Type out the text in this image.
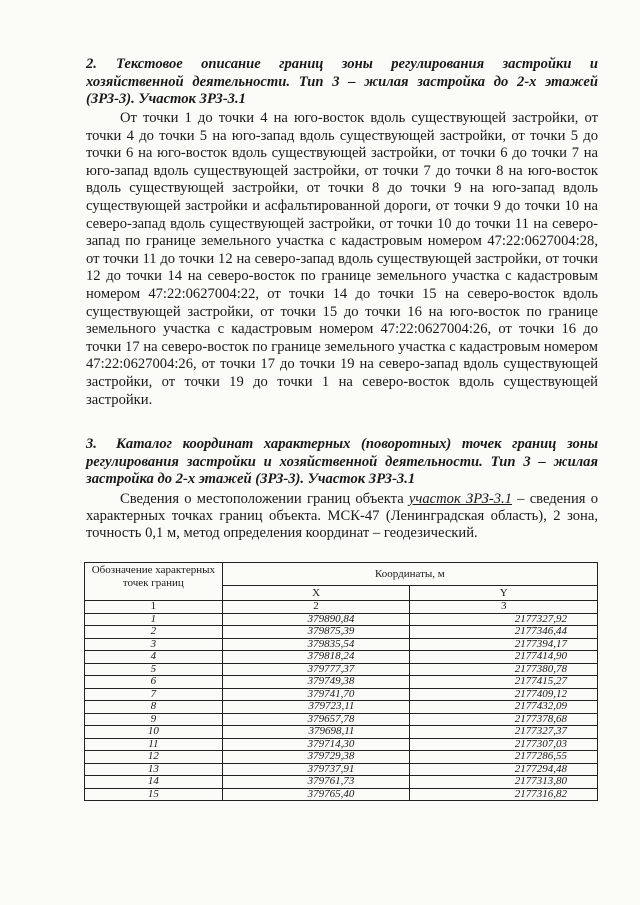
2. Текстовое описание границ зоны регулирования застройки и хозяйственной деятельности. Тип 3 – жилая застройка до 2-х этажей (ЗРЗ-3). Участок ЗРЗ-3.1

От точки 1 до точки 4 на юго-восток вдоль существующей застройки, от точки 4 до точки 5 на юго-запад вдоль существующей застройки, от точки 5 до точки 6 на юго-восток вдоль существующей застройки, от точки 6 до точки 7 на юго-запад вдоль существующей застройки, от точки 7 до точки 8 на юго-восток вдоль существующей застройки, от точки 8 до точки 9 на юго-запад вдоль существующей застройки и асфальтированной дороги, от точки 9 до точки 10 на северо-запад вдоль существующей застройки, от точки 10 до точки 11 на северо-запад по границе земельного участка с кадастровым номером 47:22:0627004:28, от точки 11 до точки 12 на северо-запад вдоль существующей застройки, от точки 12 до точки 14 на северо-восток по границе земельного участка с кадастровым номером 47:22:0627004:22, от точки 14 до точки 15 на северо-восток вдоль существующей застройки, от точки 15 до точки 16 на юго-восток по границе земельного участка с кадастровым номером 47:22:0627004:26, от точки 16 до точки 17 на северо-восток по границе земельного участка с кадастровым номером 47:22:0627004:26, от точки 17 до точки 19 на северо-запад вдоль существующей застройки, от точки 19 до точки 1 на северо-восток вдоль существующей застройки.

3. Каталог координат характерных (поворотных) точек границ зоны регулирования застройки и хозяйственной деятельности. Тип 3 – жилая застройка до 2-х этажей (ЗРЗ-3). Участок ЗРЗ-3.1

Сведения о местоположении границ объекта участок ЗРЗ-3.1 – сведения о характерных точках границ объекта. МСК-47 (Ленинградская область), 2 зона, точность 0,1 м, метод определения координат – геодезический.

Обозначение характерных точек границ	Координаты, м	
	X	Y
1	2	3
1	379890,84	2177327,92
2	379875,39	2177346,44
3	379835,54	2177394,17
4	379818,24	2177414,90
5	379777,37	2177380,78
6	379749,38	2177415,27
7	379741,70	2177409,12
8	379723,11	2177432,09
9	379657,78	2177378,68
10	379698,11	2177327,37
11	379714,30	2177307,03
12	379729,38	2177286,55
13	379737,91	2177294,48
14	379761,73	2177313,80
15	379765,40	2177316,82
